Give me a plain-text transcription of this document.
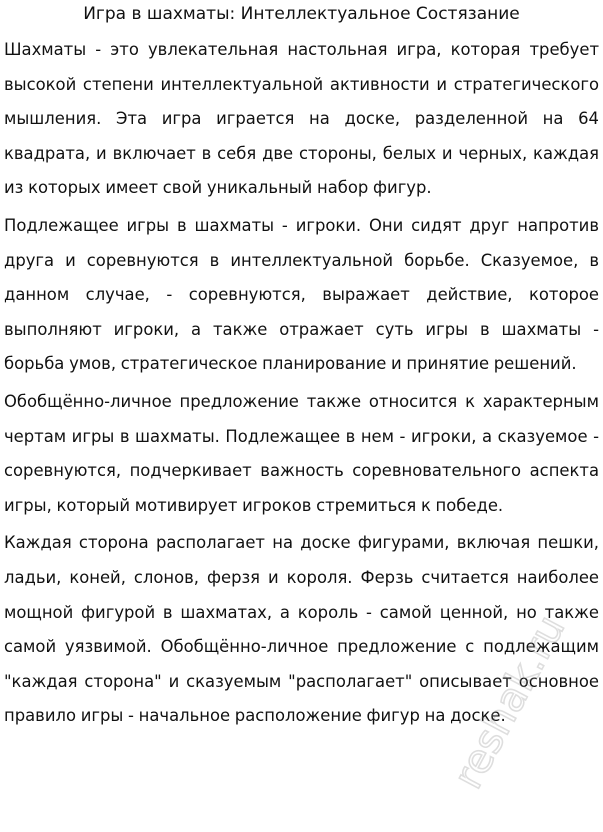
Игра в шахматы: Интеллектуальное Состязание

Шахматы - это увлекательная настольная игра, которая требует высокой степени интеллектуальной активности и стратегического мышления. Эта игра играется на доске, разделенной на 64 квадрата, и включает в себя две стороны, белых и черных, каждая из которых имеет свой уникальный набор фигур.

Подлежащее игры в шахматы - игроки. Они сидят друг напротив друга и соревнуются в интеллектуальной борьбе. Сказуемое, в данном случае, - соревнуются, выражает действие, которое выполняют игроки, а также отражает суть игры в шахматы - борьба умов, стратегическое планирование и принятие решений.

Обобщённо-личное предложение также относится к характерным чертам игры в шахматы. Подлежащее в нем - игроки, а сказуемое - соревнуются, подчеркивает важность соревновательного аспекта игры, который мотивирует игроков стремиться к победе.

Каждая сторона располагает на доске фигурами, включая пешки, ладьи, коней, слонов, ферзя и короля. Ферзь считается наиболее мощной фигурой в шахматах, а король - самой ценной, но также самой уязвимой. Обобщённо-личное предложение с подлежащим "каждая сторона" и сказуемым "располагает" описывает основное правило игры - начальное расположение фигур на доске.

reshak.ru
